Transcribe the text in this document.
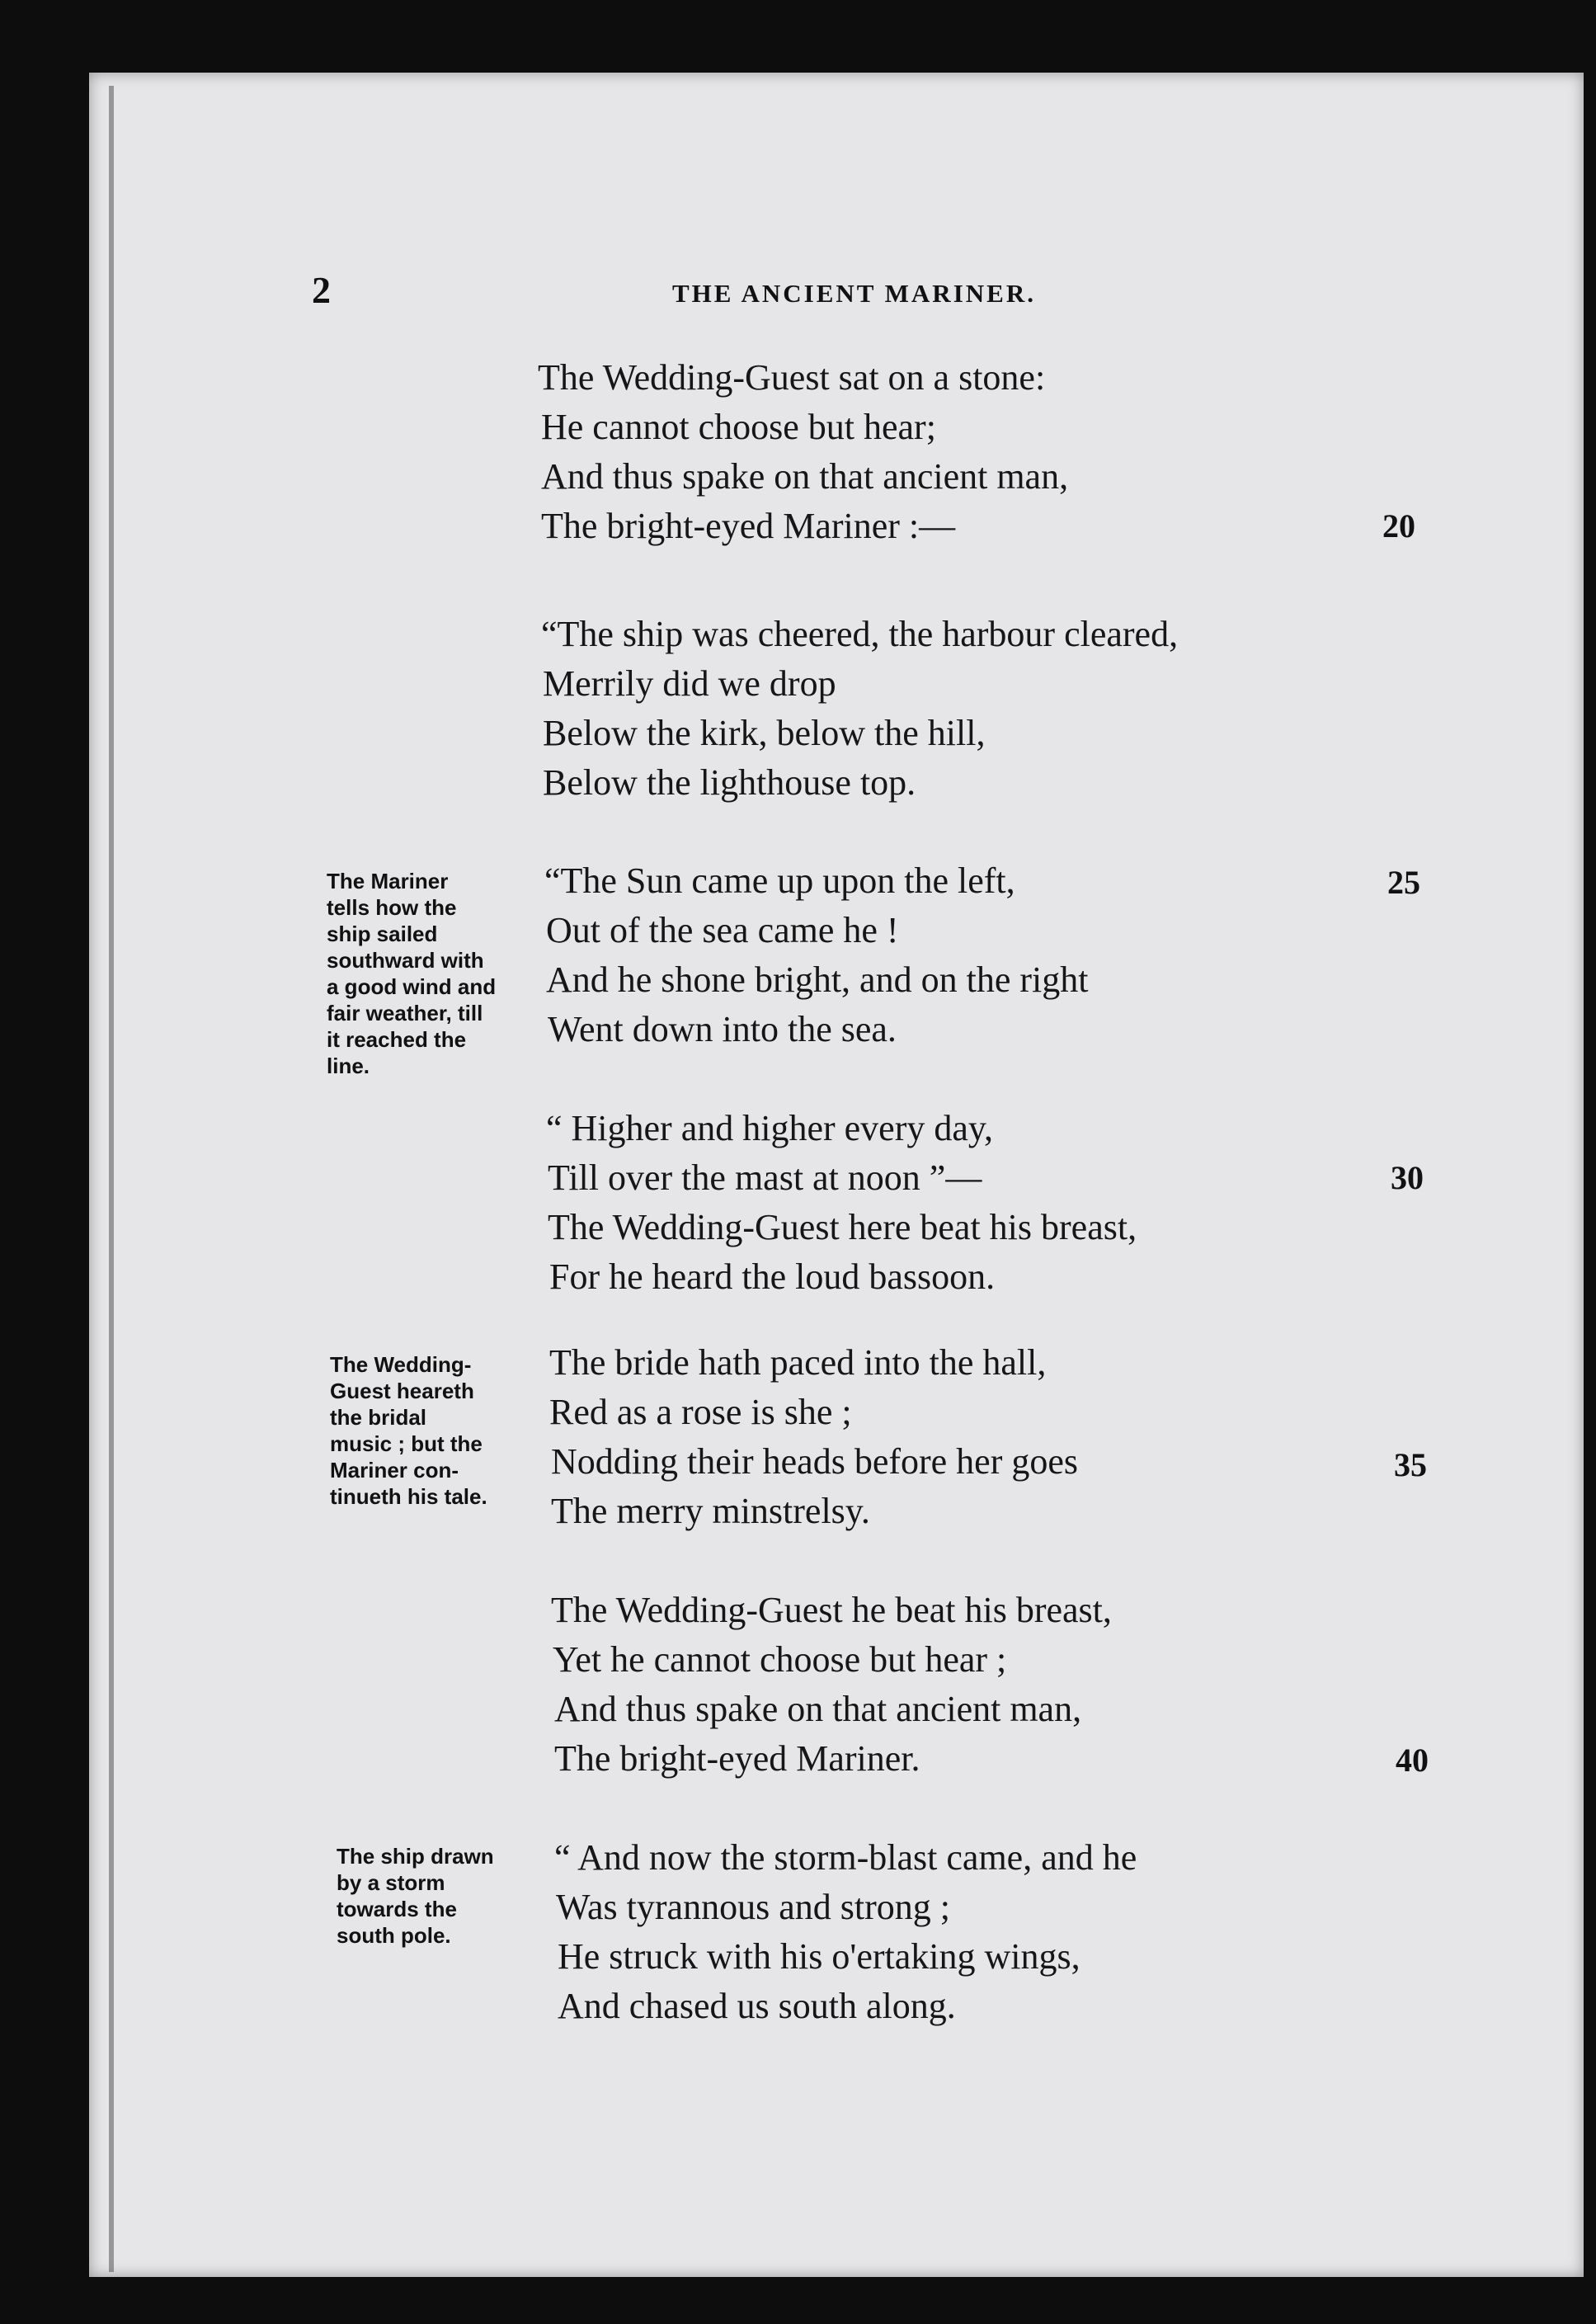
2	THE ANCIENT MARINER.
The Wedding-Guest sat on a stone:
He cannot choose but hear;
And thus spake on that ancient man,
The bright-eyed Mariner :—	20
“The ship was cheered, the harbour cleared,
Merrily did we drop
Below the kirk, below the hill,
Below the lighthouse top.
The Mariner
tells how the
ship sailed
southward with
a good wind and
fair weather, till
it reached the
line.
“The Sun came up upon the left,
Out of the sea came he !
And he shone bright, and on the right
Went down into the sea.
25
“ Higher and higher every day,
Till over the mast at noon ”—
The Wedding-Guest here beat his breast,
For he heard the loud bassoon.
30
The Wedding-
Guest heareth
the bridal
music ; but the
Mariner con-
tinueth his tale.
The bride hath paced into the hall,
Red as a rose is she ;
Nodding their heads before her goes
The merry minstrelsy.
35
The Wedding-Guest he beat his breast,
Yet he cannot choose but hear ;
And thus spake on that ancient man,
The bright-eyed Mariner.	40
The ship drawn
by a storm
towards the
south pole.
“ And now the storm-blast came, and he
Was tyrannous and strong ;
He struck with his o'ertaking wings,
And chased us south along.
